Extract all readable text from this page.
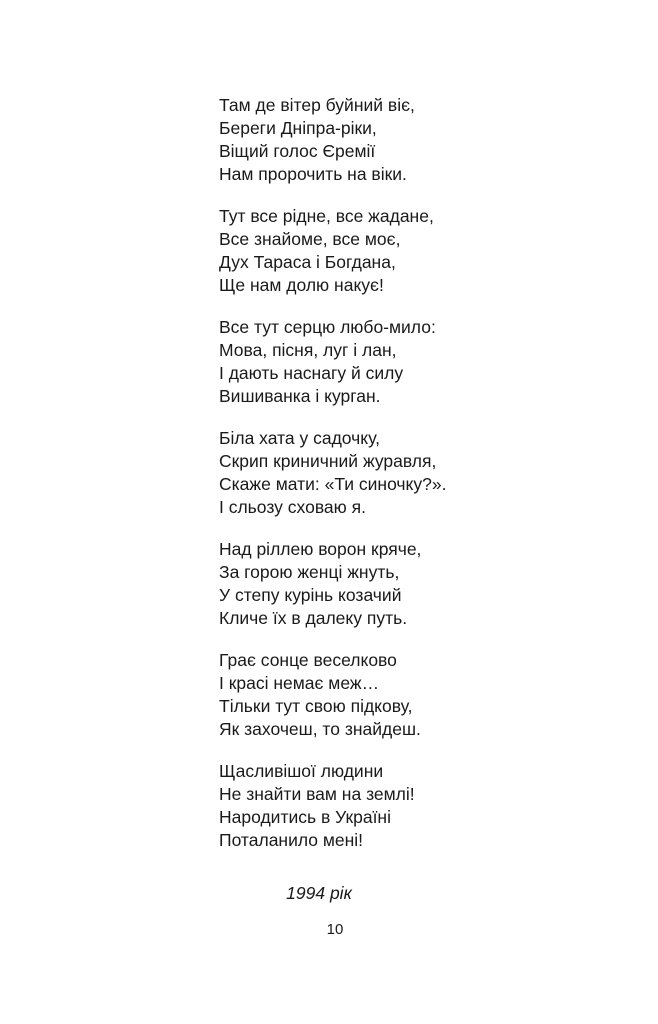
Там де вітер буйний віє,
Береги Дніпра-ріки,
Віщий голос Єремії
Нам пророчить на віки.
Тут все рідне, все жадане,
Все знайоме, все моє,
Дух Тараса і Богдана,
Ще нам долю накує!
Все тут серцю любо-мило:
Мова, пісня, луг і лан,
І дають наснагу й силу
Вишиванка і курган.
Біла хата у садочку,
Скрип криничний журавля,
Скаже мати: «Ти синочку?».
І сльозу сховаю я.
Над ріллею ворон кряче,
За горою женці жнуть,
У степу курінь козачий
Кличе їх в далеку путь.
Грає сонце веселково
І красі немає меж…
Тільки тут свою підкову,
Як захочеш, то знайдеш.
Щасливішої людини
Не знайти вам на землі!
Народитись в Україні
Поталанило мені!
1994 рік
10
